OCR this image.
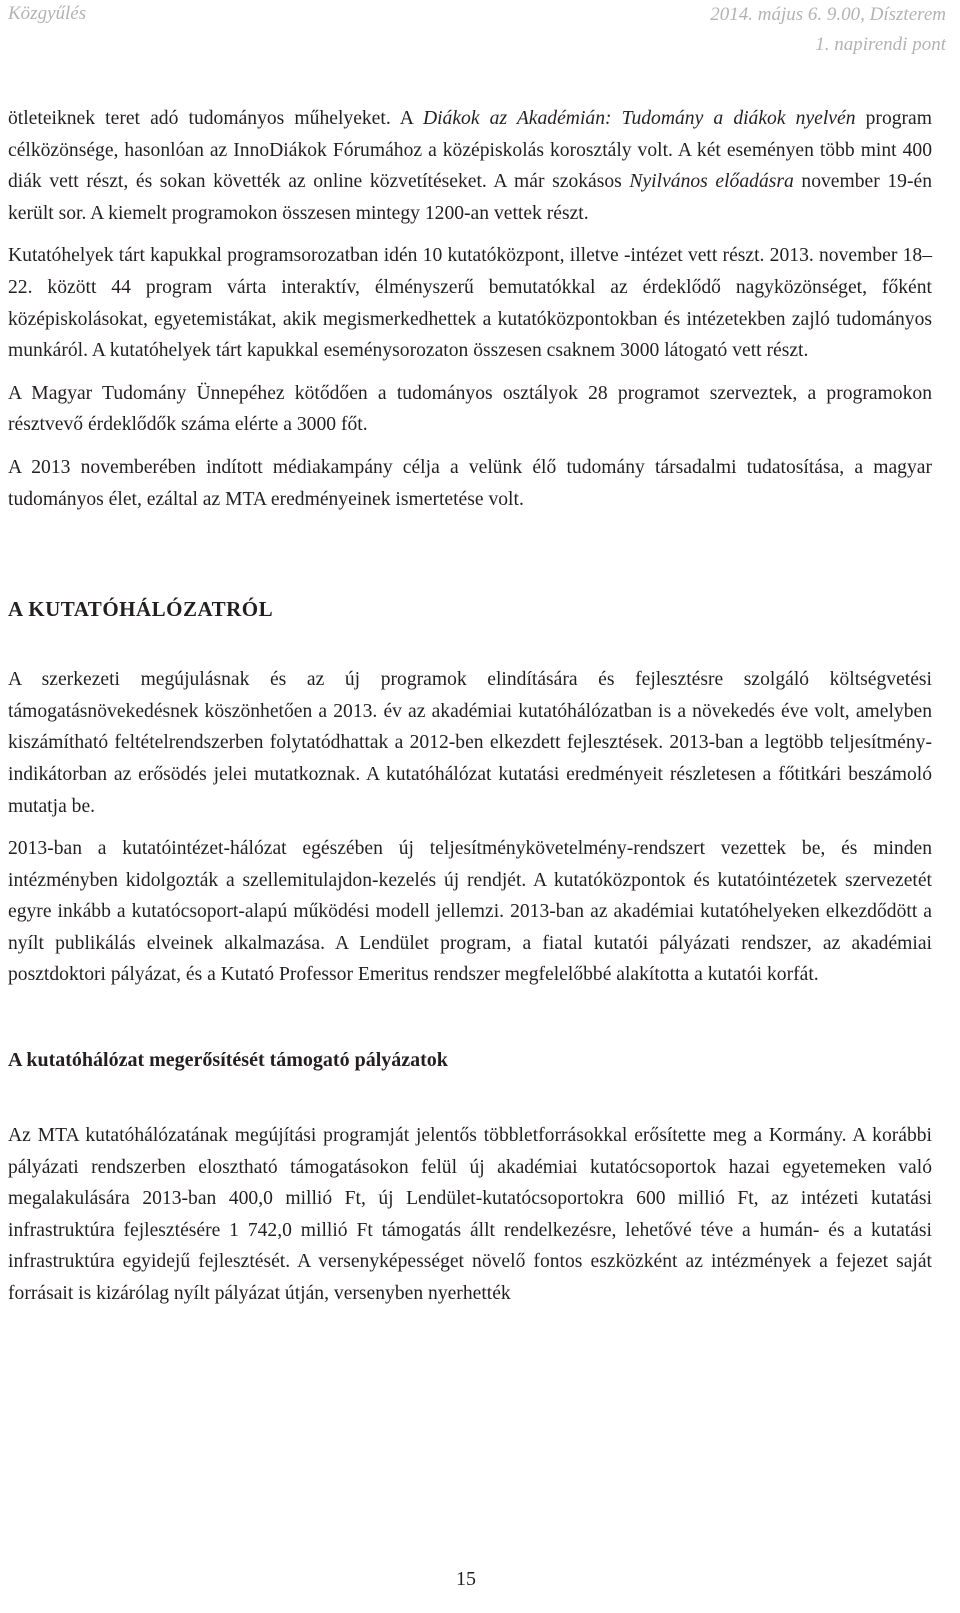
Közgyűlés	2014. május 6. 9.00, Díszterem
1. napirendi pont

ötleteiknek teret adó tudományos műhelyeket. A Diákok az Akadémián: Tudomány a diákok nyelvén program célközönsége, hasonlóan az InnoDiákok Fórumához a középiskolás korosztály volt. A két eseményen több mint 400 diák vett részt, és sokan követték az online közvetítéseket. A már szokásos Nyilvános előadásra november 19-én került sor. A kiemelt programokon összesen mintegy 1200-an vettek részt.

Kutatóhelyek tárt kapukkal programsorozatban idén 10 kutatóközpont, illetve -intézet vett részt. 2013. november 18–22. között 44 program várta interaktív, élményszerű bemutatókkal az érdeklődő nagyközönséget, főként középiskolásokat, egyetemistákat, akik megismerkedhettek a kutatóközpontokban és intézetekben zajló tudományos munkáról. A kutatóhelyek tárt kapukkal eseménysorozaton összesen csaknem 3000 látogató vett részt.

A Magyar Tudomány Ünnepéhez kötődően a tudományos osztályok 28 programot szerveztek, a programokon résztvevő érdeklődők száma elérte a 3000 főt.

A 2013 novemberében indított médiakampány célja a velünk élő tudomány társadalmi tudatosítása, a magyar tudományos élet, ezáltal az MTA eredményeinek ismertetése volt.

A KUTATÓHÁLÓZATRÓL

A szerkezeti megújulásnak és az új programok elindítására és fejlesztésre szolgáló költségvetési támogatásnövekedésnek köszönhetően a 2013. év az akadémiai kutatóhálózatban is a növekedés éve volt, amelyben kiszámítható feltételrendszerben folytatódhattak a 2012-ben elkezdett fejlesztések. 2013-ban a legtöbb teljesítmény-indikátorban az erősödés jelei mutatkoznak. A kutatóhálózat kutatási eredményeit részletesen a főtitkári beszámoló mutatja be.

2013-ban a kutatóintézet-hálózat egészében új teljesítménykövetelmény-rendszert vezettek be, és minden intézményben kidolgozták a szellemitulajdon-kezelés új rendjét. A kutatóközpontok és kutatóintézetek szervezetét egyre inkább a kutatócsoport-alapú működési modell jellemzi. 2013-ban az akadémiai kutatóhelyeken elkezdődött a nyílt publikálás elveinek alkalmazása. A Lendület program, a fiatal kutatói pályázati rendszer, az akadémiai posztdoktori pályázat, és a Kutató Professor Emeritus rendszer megfelelőbbé alakította a kutatói korfát.

A kutatóhálózat megerősítését támogató pályázatok

Az MTA kutatóhálózatának megújítási programját jelentős többletforrásokkal erősítette meg a Kormány. A korábbi pályázati rendszerben elosztható támogatásokon felül új akadémiai kutatócsoportok hazai egyetemeken való megalakulására 2013-ban 400,0 millió Ft, új Lendület-kutatócsoportokra 600 millió Ft, az intézeti kutatási infrastruktúra fejlesztésére 1 742,0 millió Ft támogatás állt rendelkezésre, lehetővé téve a humán- és a kutatási infrastruktúra egyidejű fejlesztését. A versenyképességet növelő fontos eszközként az intézmények a fejezet saját forrásait is kizárólag nyílt pályázat útján, versenyben nyerhették

15
